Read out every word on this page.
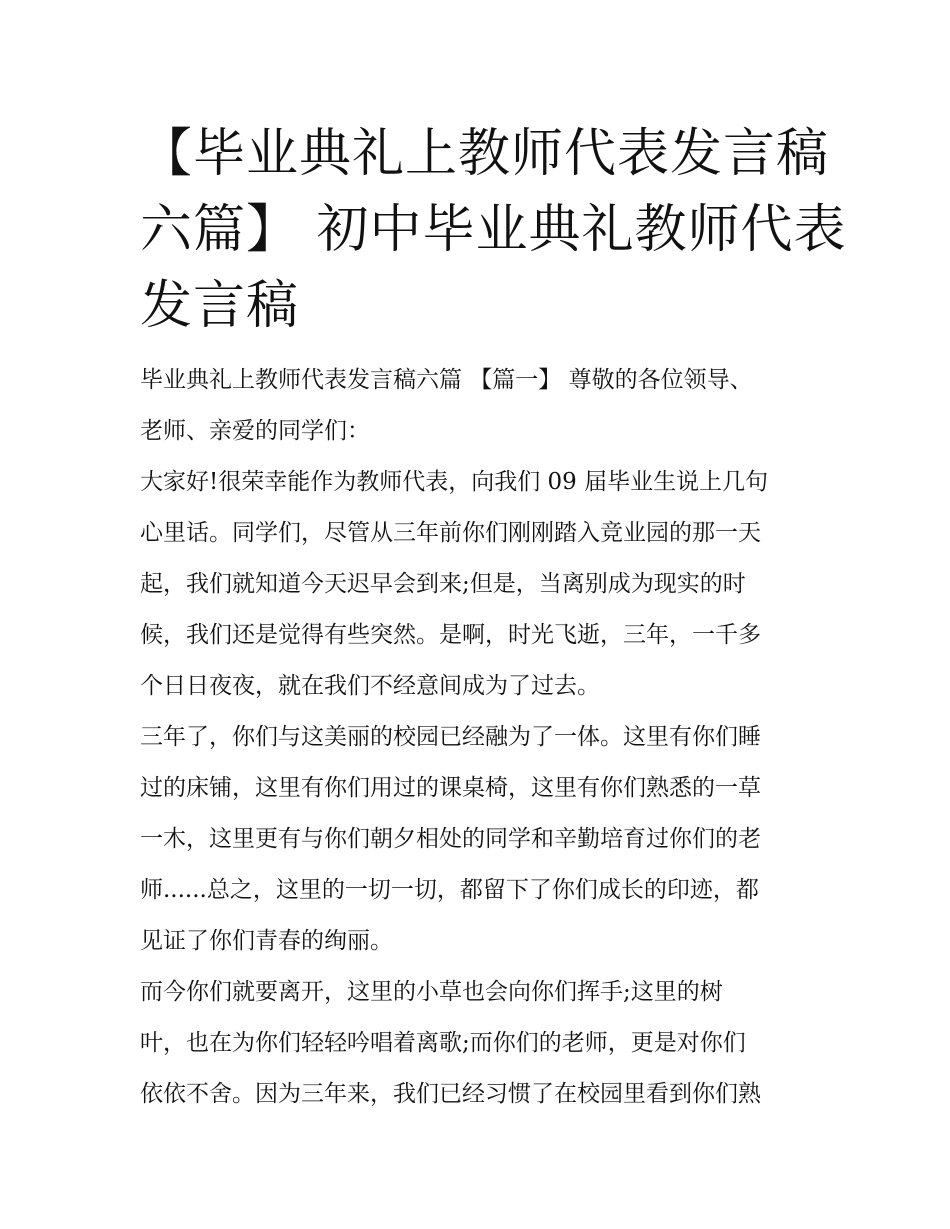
【毕业典礼上教师代表发言稿
六篇】 初中毕业典礼教师代表
发言稿

毕业典礼上教师代表发言稿六篇 【篇一】 尊敬的各位领导、
老师、亲爱的同学们：

大家好!很荣幸能作为教师代表，向我们 09 届毕业生说上几句
心里话。同学们，尽管从三年前你们刚刚踏入竞业园的那一天
起，我们就知道今天迟早会到来;但是，当离别成为现实的时
候，我们还是觉得有些突然。是啊，时光飞逝，三年，一千多
个日日夜夜，就在我们不经意间成为了过去。

三年了，你们与这美丽的校园已经融为了一体。这里有你们睡
过的床铺，这里有你们用过的课桌椅，这里有你们熟悉的一草
一木，这里更有与你们朝夕相处的同学和辛勤培育过你们的老
师......总之，这里的一切一切，都留下了你们成长的印迹，都
见证了你们青春的绚丽。

而今你们就要离开，这里的小草也会向你们挥手;这里的树
叶，也在为你们轻轻吟唱着离歌;而你们的老师，更是对你们
依依不舍。因为三年来，我们已经习惯了在校园里看到你们熟
